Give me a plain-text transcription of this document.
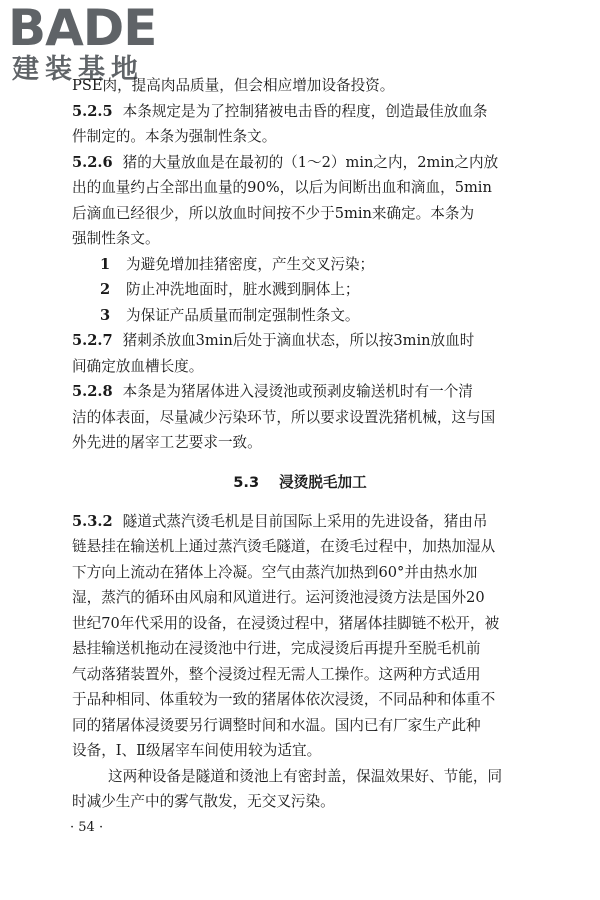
BADE
建装基地
PSE肉，提高肉品质量，但会相应增加设备投资。
5.2.5 本条规定是为了控制猪被电击昏的程度，创造最佳放血条
件制定的。本条为强制性条文。
5.2.6 猪的大量放血是在最初的（1～2）min之内，2min之内放
出的血量约占全部出血量的90%，以后为间断出血和滴血，5min
后滴血已经很少，所以放血时间按不少于5min来确定。本条为
强制性条文。
1 为避免增加挂猪密度，产生交叉污染；
2 防止冲洗地面时，脏水溅到胴体上；
3 为保证产品质量而制定强制性条文。
5.2.7 猪刺杀放血3min后处于滴血状态，所以按3min放血时
间确定放血槽长度。
5.2.8 本条是为猪屠体进入浸烫池或预剥皮输送机时有一个清
洁的体表面，尽量减少污染环节，所以要求设置洗猪机械，这与国
外先进的屠宰工艺要求一致。
5.3 浸烫脱毛加工
5.3.2 隧道式蒸汽烫毛机是目前国际上采用的先进设备，猪由吊
链悬挂在输送机上通过蒸汽烫毛隧道，在烫毛过程中，加热加湿从
下方向上流动在猪体上冷凝。空气由蒸汽加热到60°并由热水加
湿，蒸汽的循环由风扇和风道进行。运河烫池浸烫方法是国外20
世纪70年代采用的设备，在浸烫过程中，猪屠体挂脚链不松开，被
悬挂输送机拖动在浸烫池中行进，完成浸烫后再提升至脱毛机前
气动落猪装置外，整个浸烫过程无需人工操作。这两种方式适用
于品种相同、体重较为一致的猪屠体依次浸烫，不同品种和体重不
同的猪屠体浸烫要另行调整时间和水温。国内已有厂家生产此种
设备，Ⅰ、Ⅱ级屠宰车间使用较为适宜。
这两种设备是隧道和烫池上有密封盖，保温效果好、节能，同
时减少生产中的雾气散发，无交叉污染。
· 54 ·
